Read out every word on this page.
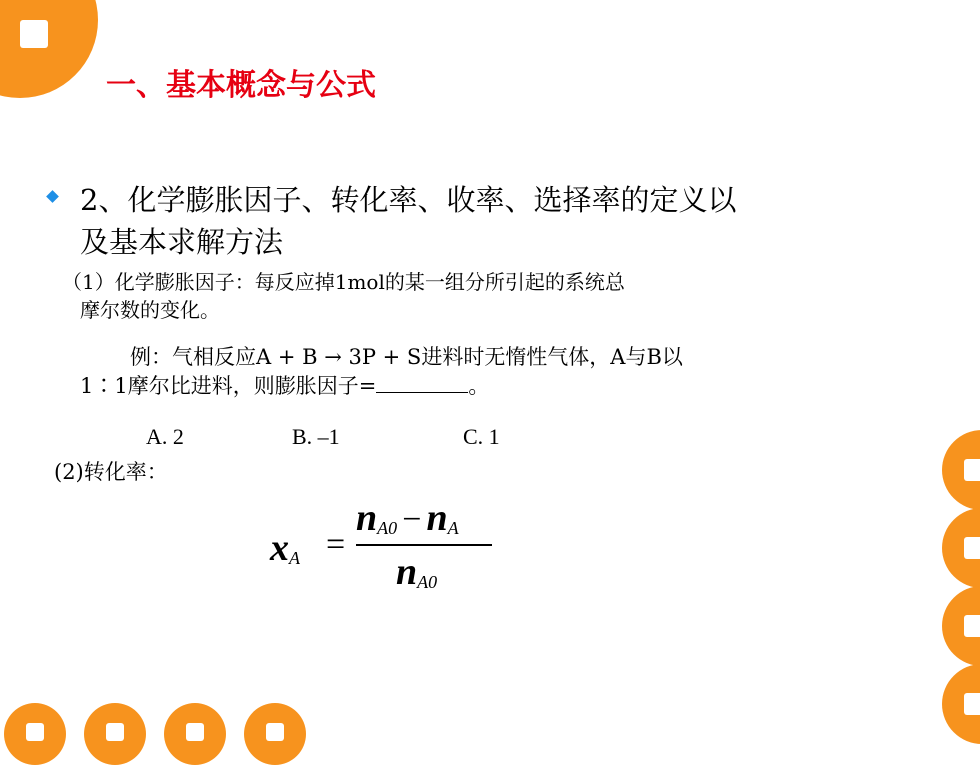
一、基本概念与公式
2、化学膨胀因子、转化率、收率、选择率的定义以
及基本求解方法
（1）化学膨胀因子：每反应掉1mol的某一组分所引起的系统总
摩尔数的变化。
例：气相反应A + B → 3P + S进料时无惰性气体，A与B以
1∶1摩尔比进料，则膨胀因子=	。
A. 2	B. –1	C. 1
(2)转化率：
$x_A$ =
$n_{A0} - n_A$
$n_{A0}$
